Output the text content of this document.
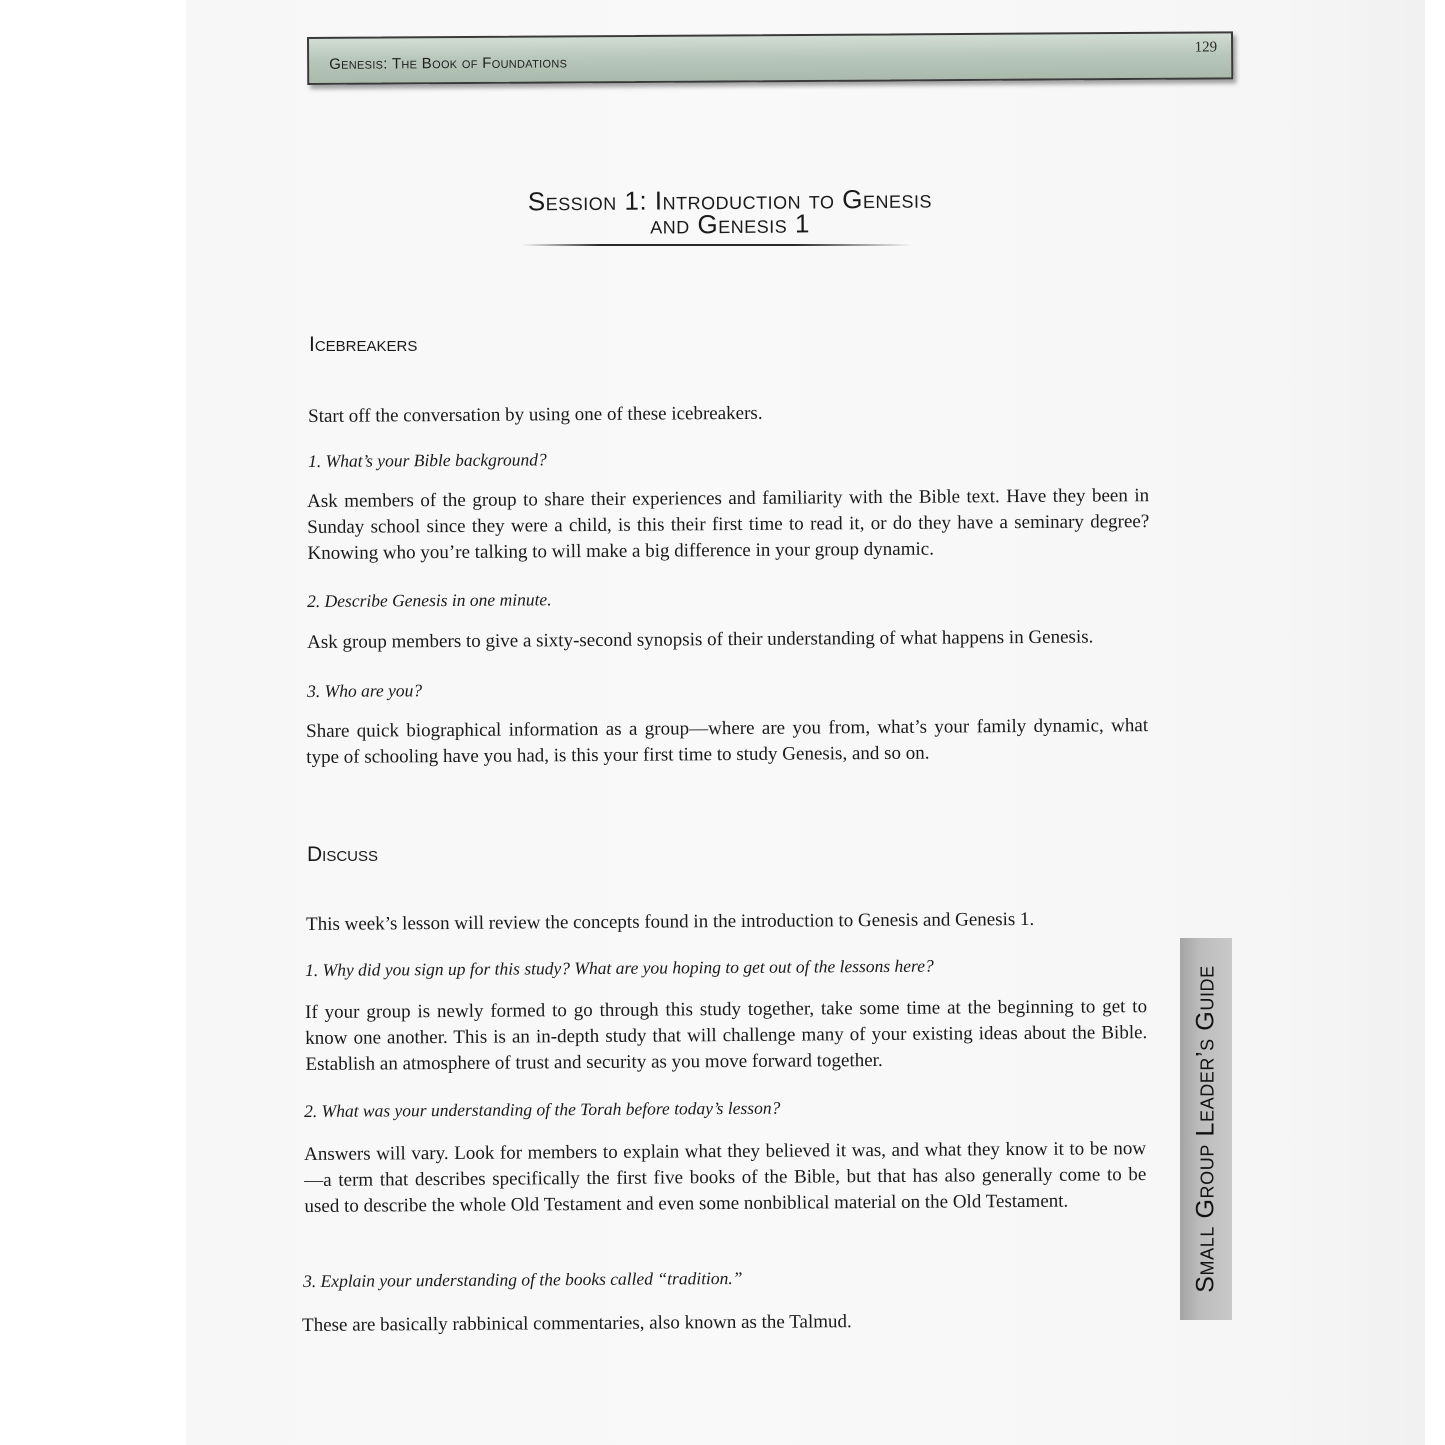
Genesis: The Book of Foundations
129
Session 1: Introduction to Genesis
and Genesis 1
Icebreakers
Start off the conversation by using one of these icebreakers.
1. What’s your Bible background?
Ask members of the group to share their experiences and familiarity with the Bible text. Have they been in Sunday school since they were a child, is this their first time to read it, or do they have a seminary degree? Knowing who you’re talking to will make a big difference in your group dynamic.
2. Describe Genesis in one minute.
Ask group members to give a sixty-second synopsis of their understanding of what happens in Genesis.
3. Who are you?
Share quick biographical information as a group—where are you from, what’s your family dynamic, what type of schooling have you had, is this your first time to study Genesis, and so on.
Discuss
This week’s lesson will review the concepts found in the introduction to Genesis and Genesis 1.
1. Why did you sign up for this study? What are you hoping to get out of the lessons here?
If your group is newly formed to go through this study together, take some time at the beginning to get to know one another. This is an in-depth study that will challenge many of your existing ideas about the Bible. Establish an atmosphere of trust and security as you move forward together.
2. What was your understanding of the Torah before today’s lesson?
Answers will vary. Look for members to explain what they believed it was, and what they know it to be now—a term that describes specifically the first five books of the Bible, but that has also generally come to be used to describe the whole Old Testament and even some nonbiblical material on the Old Testament.
3. Explain your understanding of the books called “tradition.”
These are basically rabbinical commentaries, also known as the Talmud.
Small Group Leader’s Guide
